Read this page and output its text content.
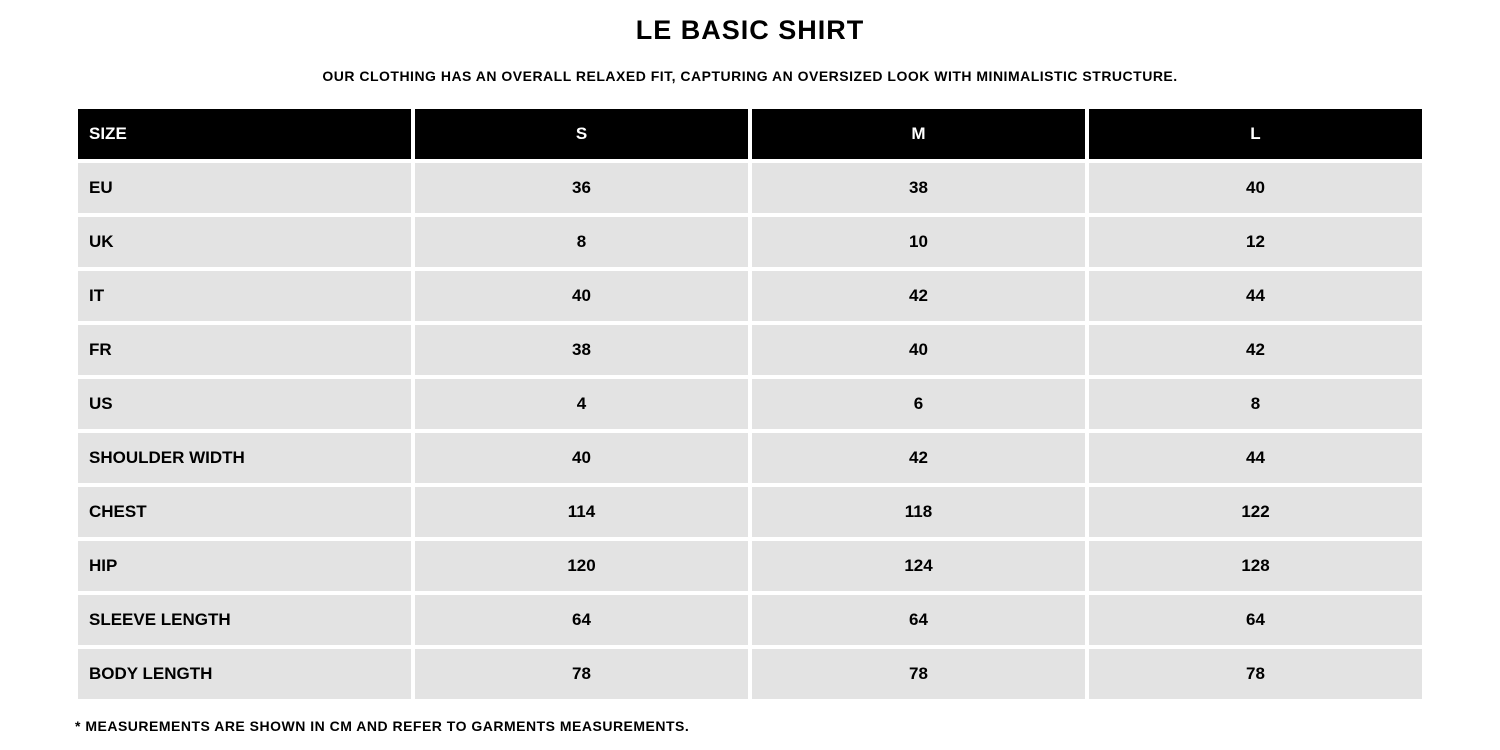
LE BASIC SHIRT

OUR CLOTHING HAS AN OVERALL RELAXED FIT, CAPTURING AN OVERSIZED LOOK WITH MINIMALISTIC STRUCTURE.

SIZE	S	M	L
EU	36	38	40
UK	8	10	12
IT	40	42	44
FR	38	40	42
US	4	6	8
SHOULDER WIDTH	40	42	44
CHEST	114	118	122
HIP	120	124	128
SLEEVE LENGTH	64	64	64
BODY LENGTH	78	78	78

* MEASUREMENTS ARE SHOWN IN CM AND REFER TO GARMENTS MEASUREMENTS.
